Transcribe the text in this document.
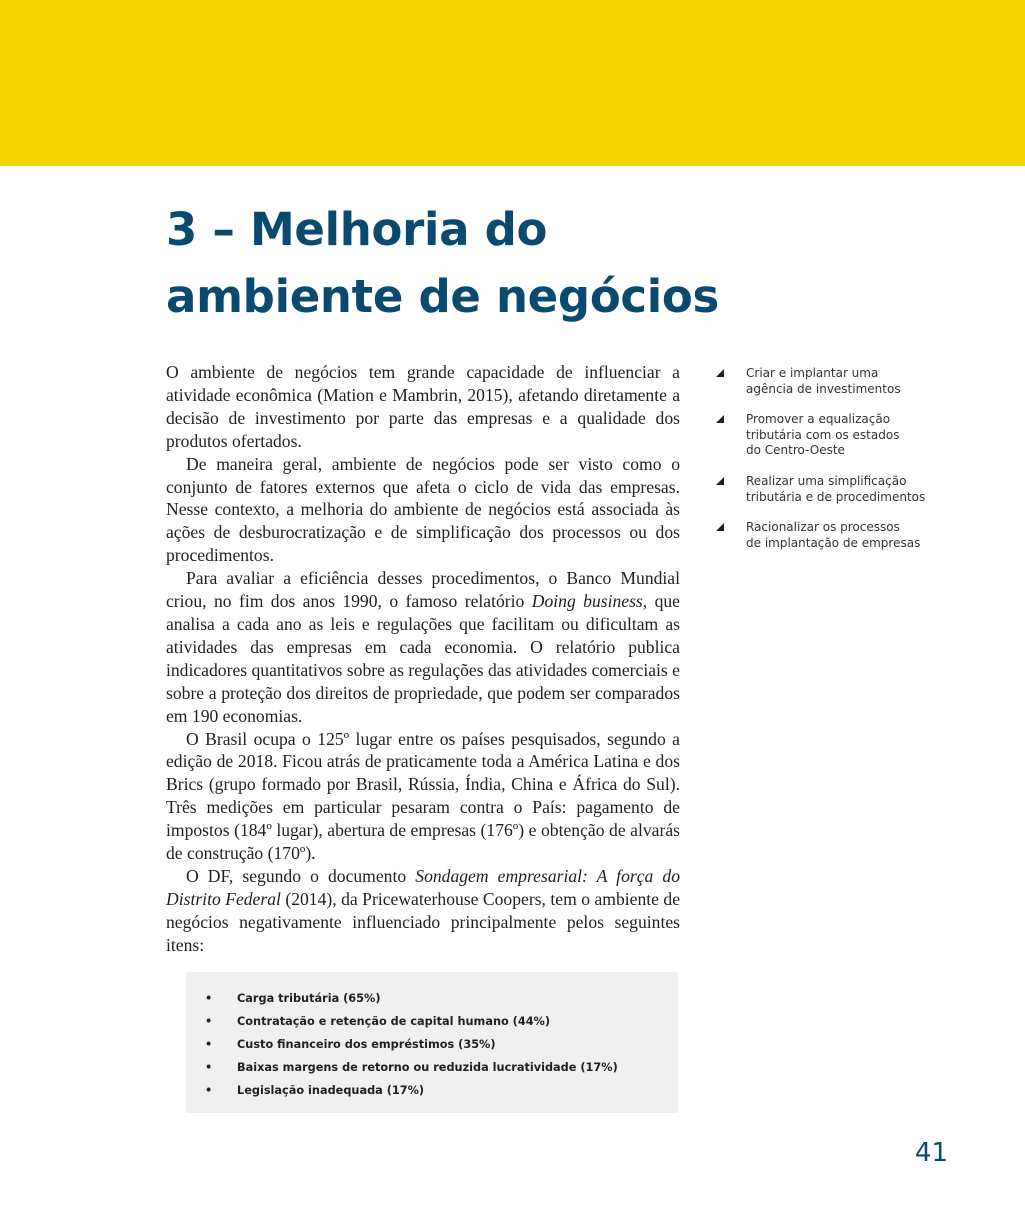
3 – Melhoria do
ambiente de negócios

O ambiente de negócios tem grande capacidade de influenciar a atividade econômica (Mation e Mambrin, 2015), afetando diretamente a decisão de investimento por parte das empresas e a qualidade dos produtos ofertados.

De maneira geral, ambiente de negócios pode ser visto como o conjunto de fatores externos que afeta o ciclo de vida das empresas. Nesse contexto, a melhoria do ambiente de negócios está associada às ações de desburocratização e de simplificação dos processos ou dos procedimentos.

Para avaliar a eficiência desses procedimentos, o Banco Mundial criou, no fim dos anos 1990, o famoso relatório Doing business, que analisa a cada ano as leis e regulações que facilitam ou dificultam as atividades das empresas em cada economia. O relatório publica indicadores quantitativos sobre as regulações das atividades comerciais e sobre a proteção dos direitos de propriedade, que podem ser comparados em 190 economias.

O Brasil ocupa o 125º lugar entre os países pesquisados, segundo a edição de 2018. Ficou atrás de praticamente toda a América Latina e dos Brics (grupo formado por Brasil, Rússia, Índia, China e África do Sul). Três medições em particular pesaram contra o País: pagamento de impostos (184º lugar), abertura de empresas (176º) e obtenção de alvarás de construção (170º).

O DF, segundo o documento Sondagem empresarial: A força do Distrito Federal (2014), da Pricewaterhouse Coopers, tem o ambiente de negócios negativamente influenciado principalmente pelos seguintes itens:

• Carga tributária (65%)
• Contratação e retenção de capital humano (44%)
• Custo financeiro dos empréstimos (35%)
• Baixas margens de retorno ou reduzida lucratividade (17%)
• Legislação inadequada (17%)
Criar e implantar uma
agência de investimentos
Promover a equalização
tributária com os estados
do Centro-Oeste
Realizar uma simplificação
tributária e de procedimentos
Racionalizar os processos
de implantação de empresas
41
